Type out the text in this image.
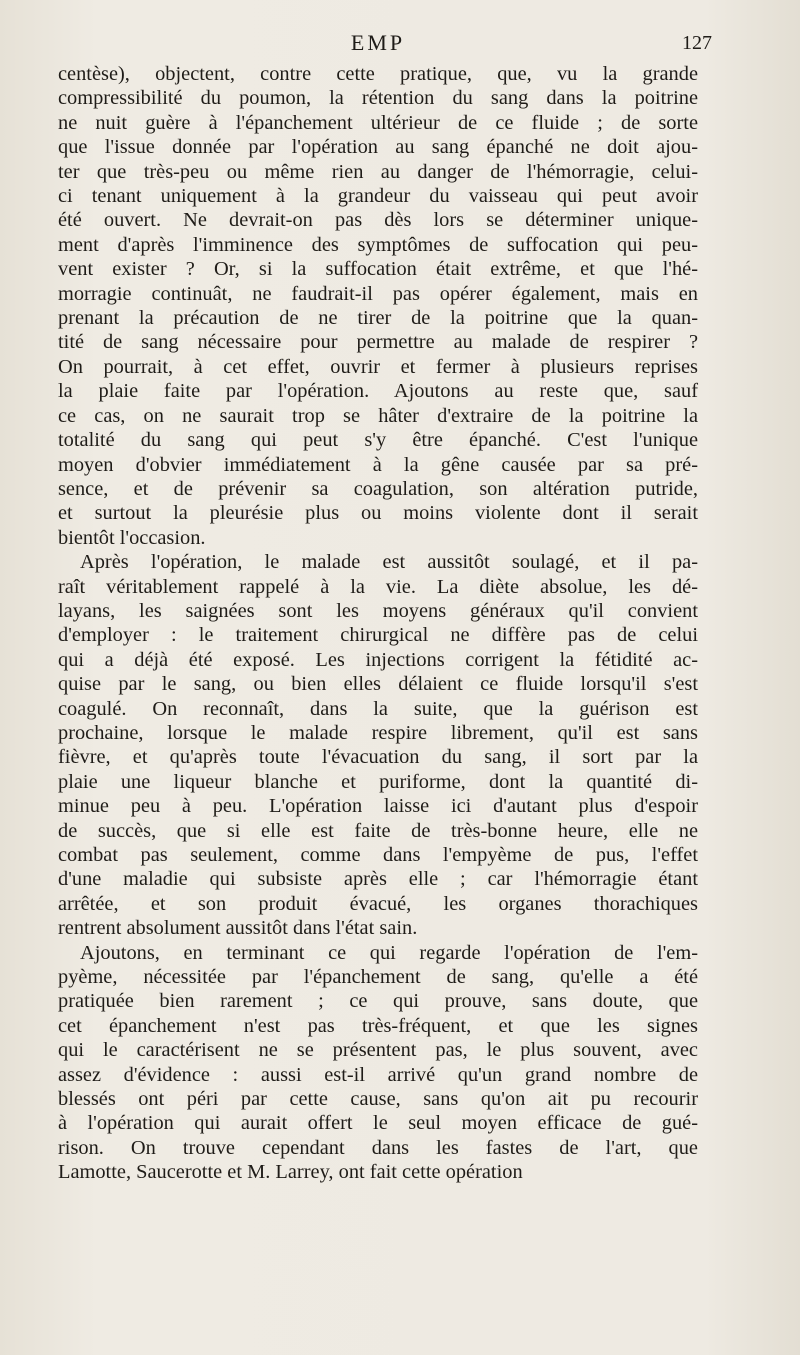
EMP	127
centèse), objectent, contre cette pratique, que, vu la grande
compressibilité du poumon, la rétention du sang dans la poitrine
ne nuit guère à l'épanchement ultérieur de ce fluide ; de sorte
que l'issue donnée par l'opération au sang épanché ne doit ajou-
ter que très-peu ou même rien au danger de l'hémorragie, celui-
ci tenant uniquement à la grandeur du vaisseau qui peut avoir
été ouvert. Ne devrait-on pas dès lors se déterminer unique-
ment d'après l'imminence des symptômes de suffocation qui peu-
vent exister ? Or, si la suffocation était extrême, et que l'hé-
morragie continuât, ne faudrait-il pas opérer également, mais en
prenant la précaution de ne tirer de la poitrine que la quan-
tité de sang nécessaire pour permettre au malade de respirer ?
On pourrait, à cet effet, ouvrir et fermer à plusieurs reprises
la plaie faite par l'opération. Ajoutons au reste que, sauf
ce cas, on ne saurait trop se hâter d'extraire de la poitrine la
totalité du sang qui peut s'y être épanché. C'est l'unique
moyen d'obvier immédiatement à la gêne causée par sa pré-
sence, et de prévenir sa coagulation, son altération putride,
et surtout la pleurésie plus ou moins violente dont il serait
bientôt l'occasion.
Après l'opération, le malade est aussitôt soulagé, et il pa-
raît véritablement rappelé à la vie. La diète absolue, les dé-
layans, les saignées sont les moyens généraux qu'il convient
d'employer : le traitement chirurgical ne diffère pas de celui
qui a déjà été exposé. Les injections corrigent la fétidité ac-
quise par le sang, ou bien elles délaient ce fluide lorsqu'il s'est
coagulé. On reconnaît, dans la suite, que la guérison est
prochaine, lorsque le malade respire librement, qu'il est sans
fièvre, et qu'après toute l'évacuation du sang, il sort par la
plaie une liqueur blanche et puriforme, dont la quantité di-
minue peu à peu. L'opération laisse ici d'autant plus d'espoir
de succès, que si elle est faite de très-bonne heure, elle ne
combat pas seulement, comme dans l'empyème de pus, l'effet
d'une maladie qui subsiste après elle ; car l'hémorragie étant
arrêtée, et son produit évacué, les organes thorachiques
rentrent absolument aussitôt dans l'état sain.
Ajoutons, en terminant ce qui regarde l'opération de l'em-
pyème, nécessitée par l'épanchement de sang, qu'elle a été
pratiquée bien rarement ; ce qui prouve, sans doute, que
cet épanchement n'est pas très-fréquent, et que les signes
qui le caractérisent ne se présentent pas, le plus souvent, avec
assez d'évidence : aussi est-il arrivé qu'un grand nombre de
blessés ont péri par cette cause, sans qu'on ait pu recourir
à l'opération qui aurait offert le seul moyen efficace de gué-
rison. On trouve cependant dans les fastes de l'art, que
Lamotte, Saucerotte et M. Larrey, ont fait cette opération
